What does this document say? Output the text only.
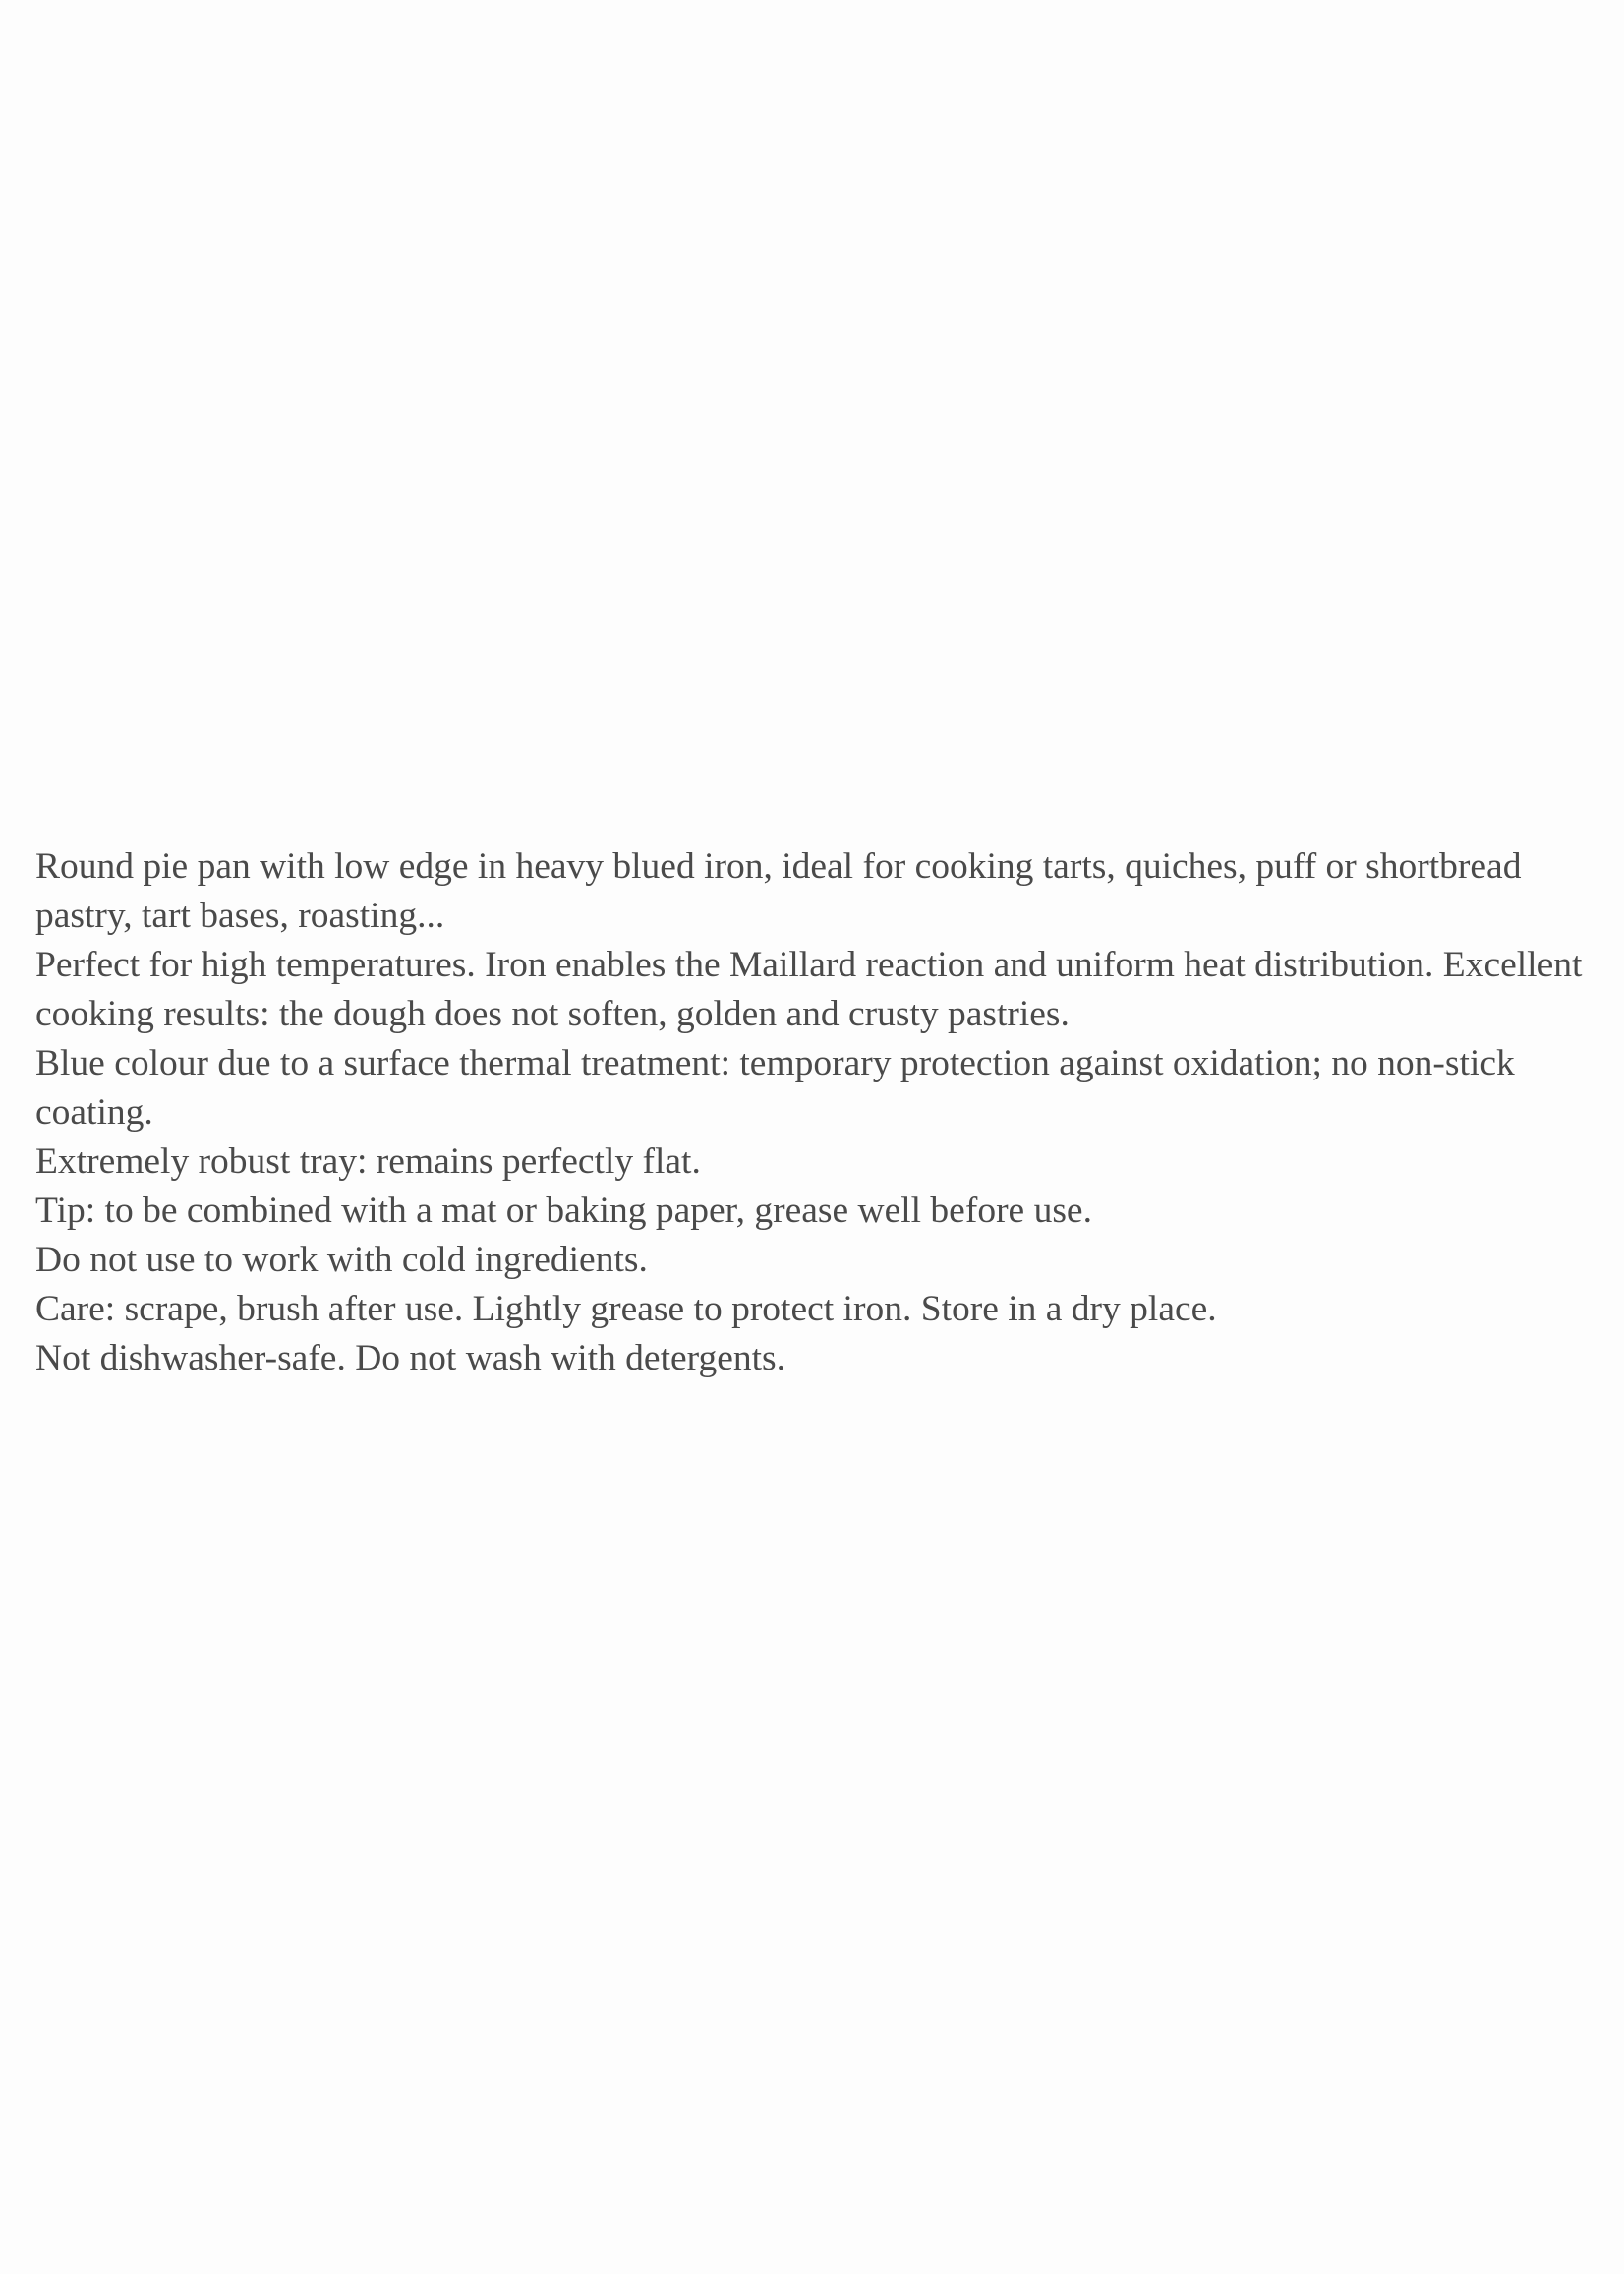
Round pie pan with low edge in heavy blued iron, ideal for cooking tarts, quiches, puff or shortbread pastry, tart bases, roasting...

Perfect for high temperatures. Iron enables the Maillard reaction and uniform heat distribution. Excellent cooking results: the dough does not soften, golden and crusty pastries.

Blue colour due to a surface thermal treatment: temporary protection against oxidation; no non-stick coating.

Extremely robust tray: remains perfectly flat.

Tip: to be combined with a mat or baking paper, grease well before use.

Do not use to work with cold ingredients.

Care: scrape, brush after use. Lightly grease to protect iron. Store in a dry place.

Not dishwasher-safe. Do not wash with detergents.
